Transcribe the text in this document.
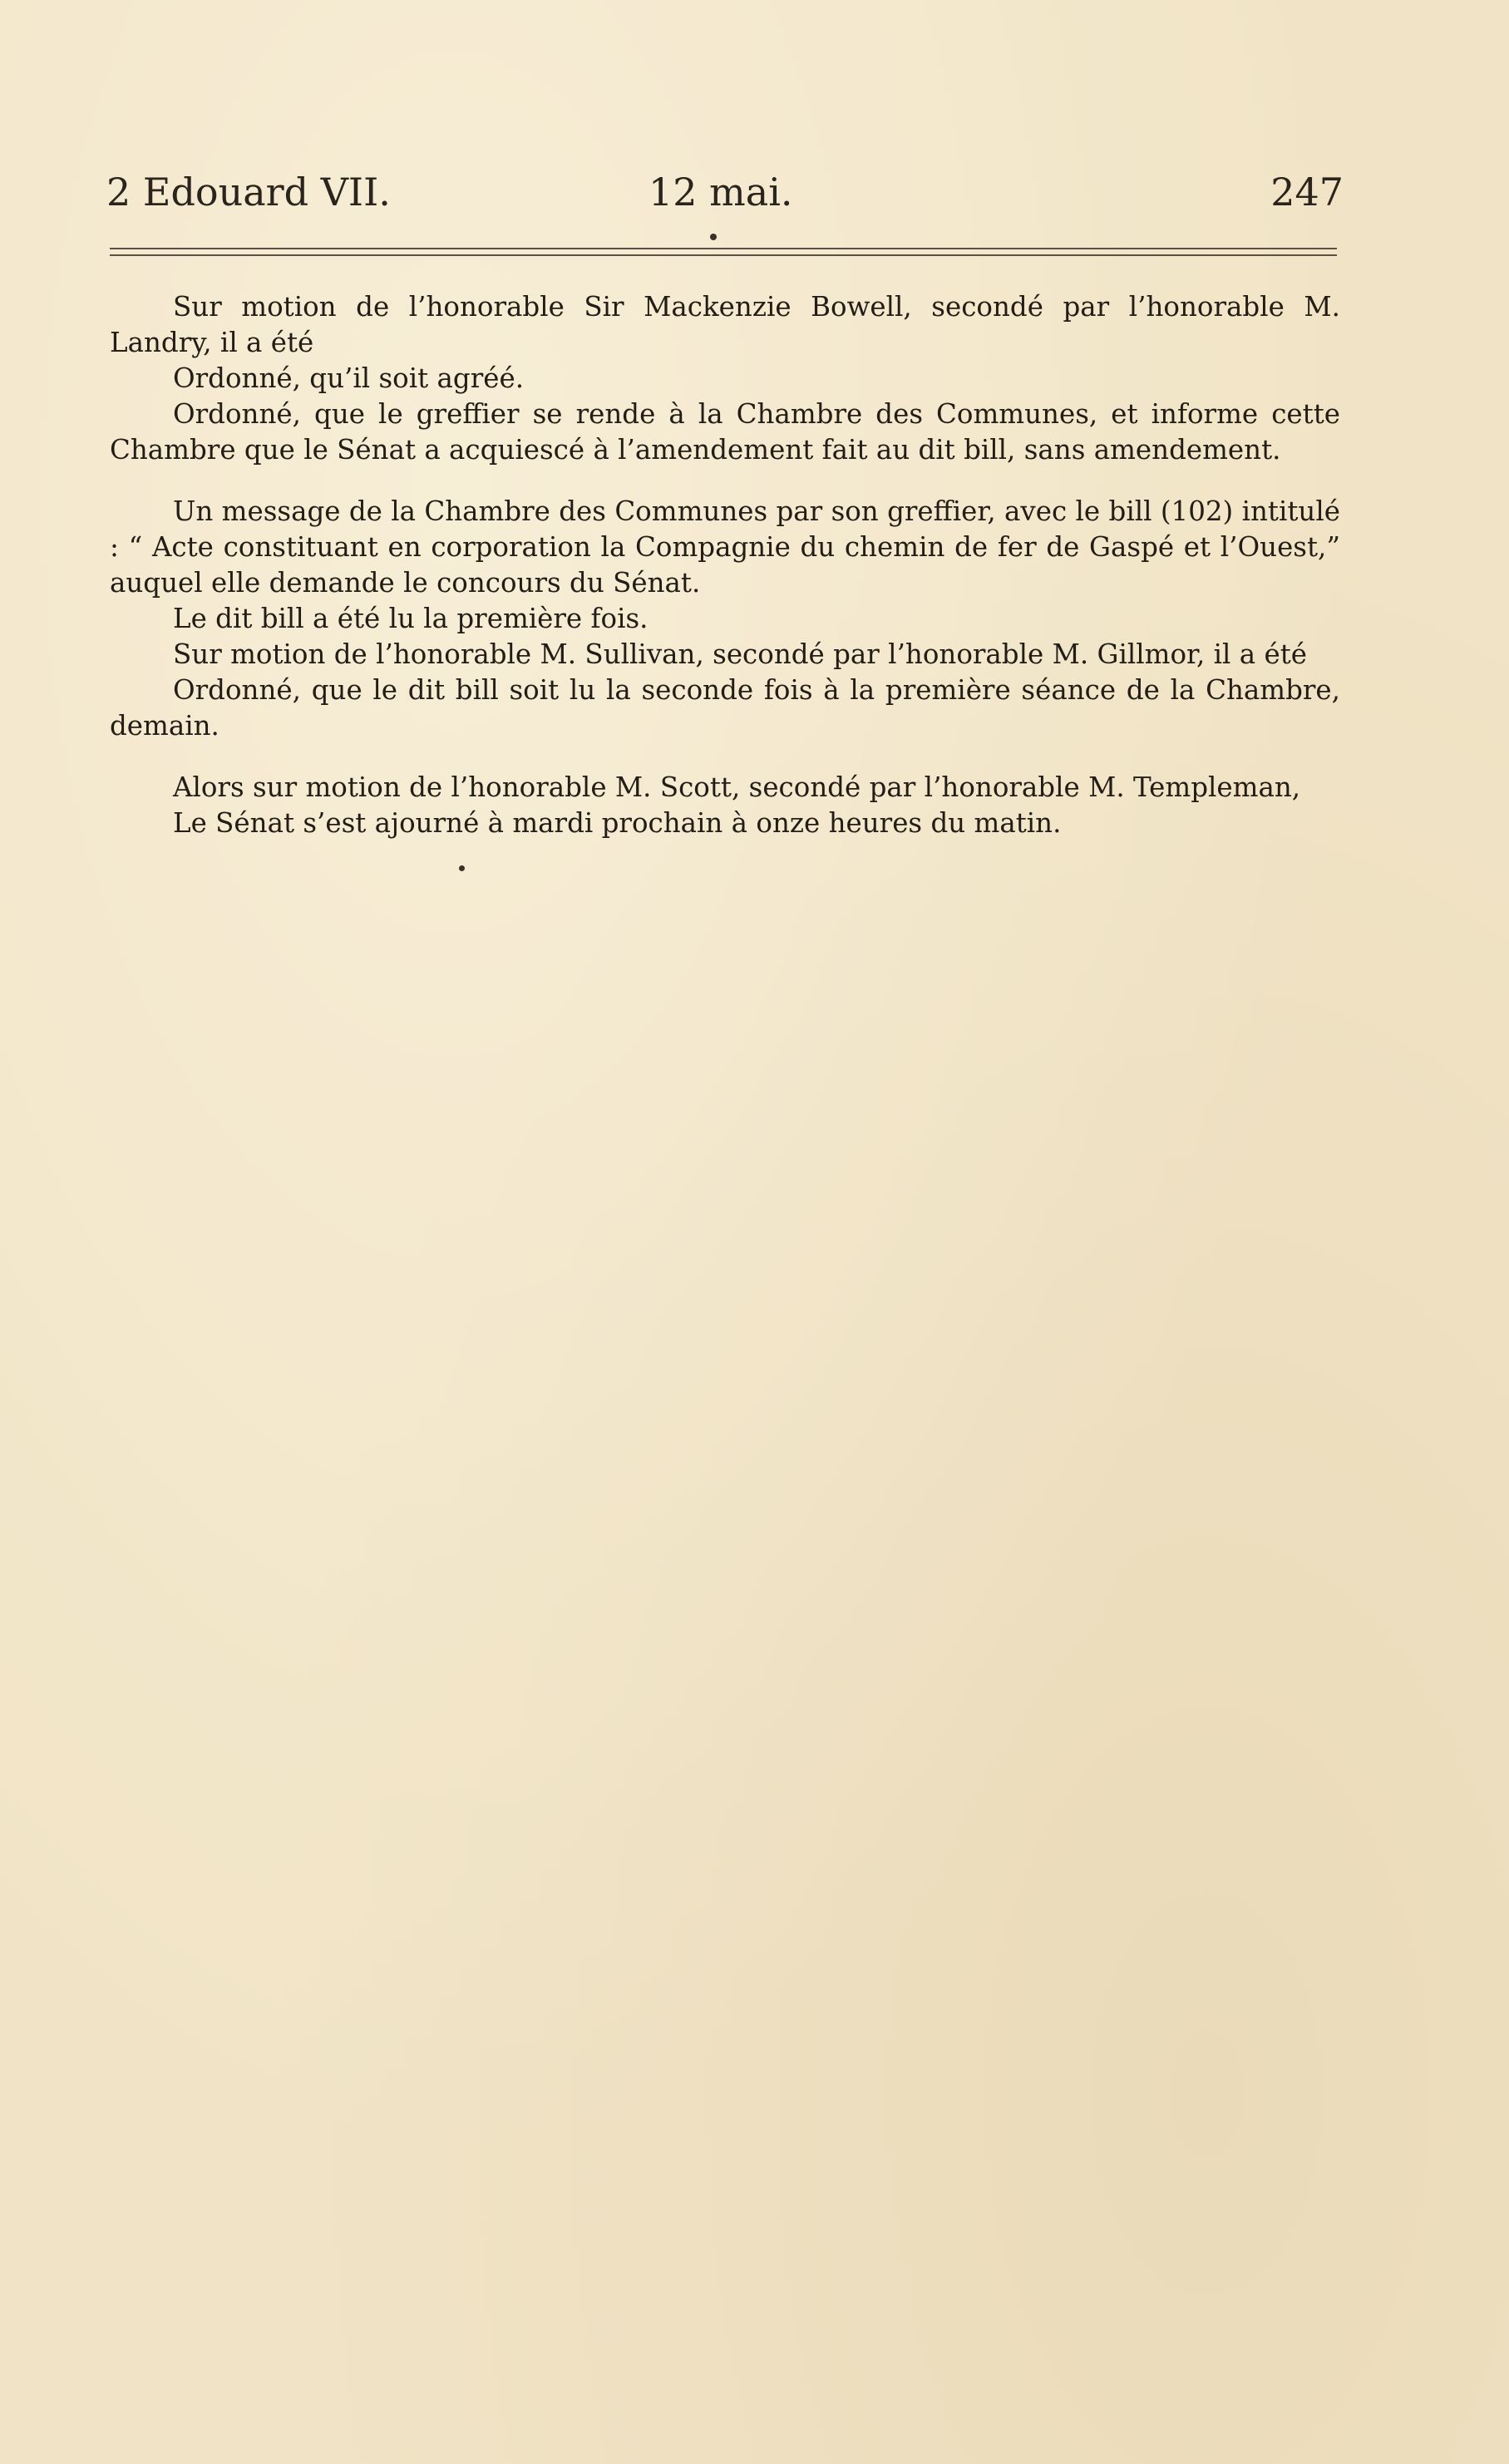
2 Edouard VII.	12 mai.	247

Sur motion de l’honorable Sir Mackenzie Bowell, secondé par l’honorable M. Landry, il a été

Ordonné, qu’il soit agréé.

Ordonné, que le greffier se rende à la Chambre des Communes, et informe cette Chambre que le Sénat a acquiescé à l’amendement fait au dit bill, sans amendement.

Un message de la Chambre des Communes par son greffier, avec le bill (102) intitulé : “ Acte constituant en corporation la Compagnie du chemin de fer de Gaspé et l’Ouest,” auquel elle demande le concours du Sénat.

Le dit bill a été lu la première fois.

Sur motion de l’honorable M. Sullivan, secondé par l’honorable M. Gillmor, il a été

Ordonné, que le dit bill soit lu la seconde fois à la première séance de la Chambre, demain.

Alors sur motion de l’honorable M. Scott, secondé par l’honorable M. Templeman,

Le Sénat s’est ajourné à mardi prochain à onze heures du matin.
